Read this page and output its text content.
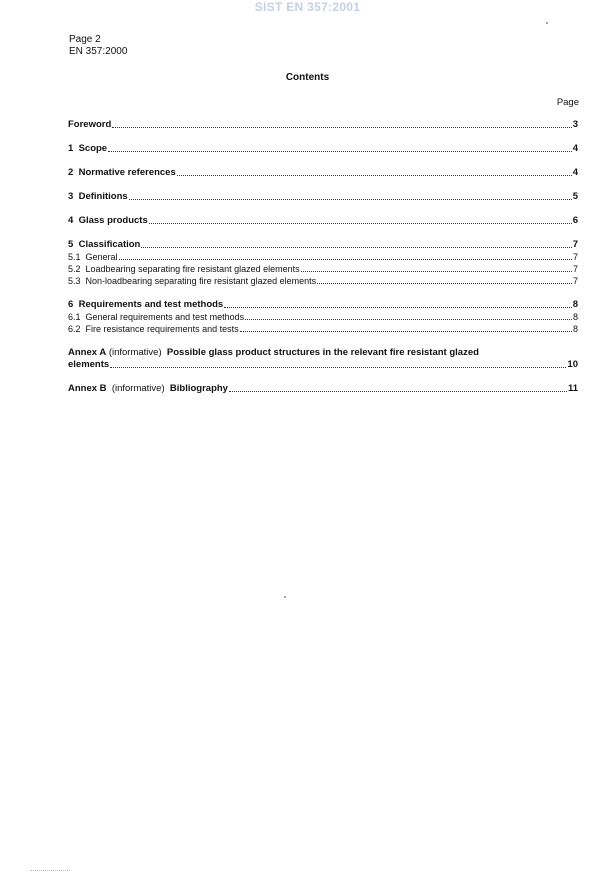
SIST EN 357:2001
Page 2
EN 357:2000
Contents
Page
Foreword	3
1 Scope	4
2 Normative references	4
3 Definitions	5
4 Glass products	6
5 Classification	7
5.1 General	7
5.2 Loadbearing separating fire resistant glazed elements	7
5.3 Non-loadbearing separating fire resistant glazed elements	7
6 Requirements and test methods	8
6.1 General requirements and test methods	8
6.2 Fire resistance requirements and tests	8
Annex A (informative) Possible glass product structures in the relevant fire resistant glazed
elements	10
Annex B (informative) Bibliography	11
